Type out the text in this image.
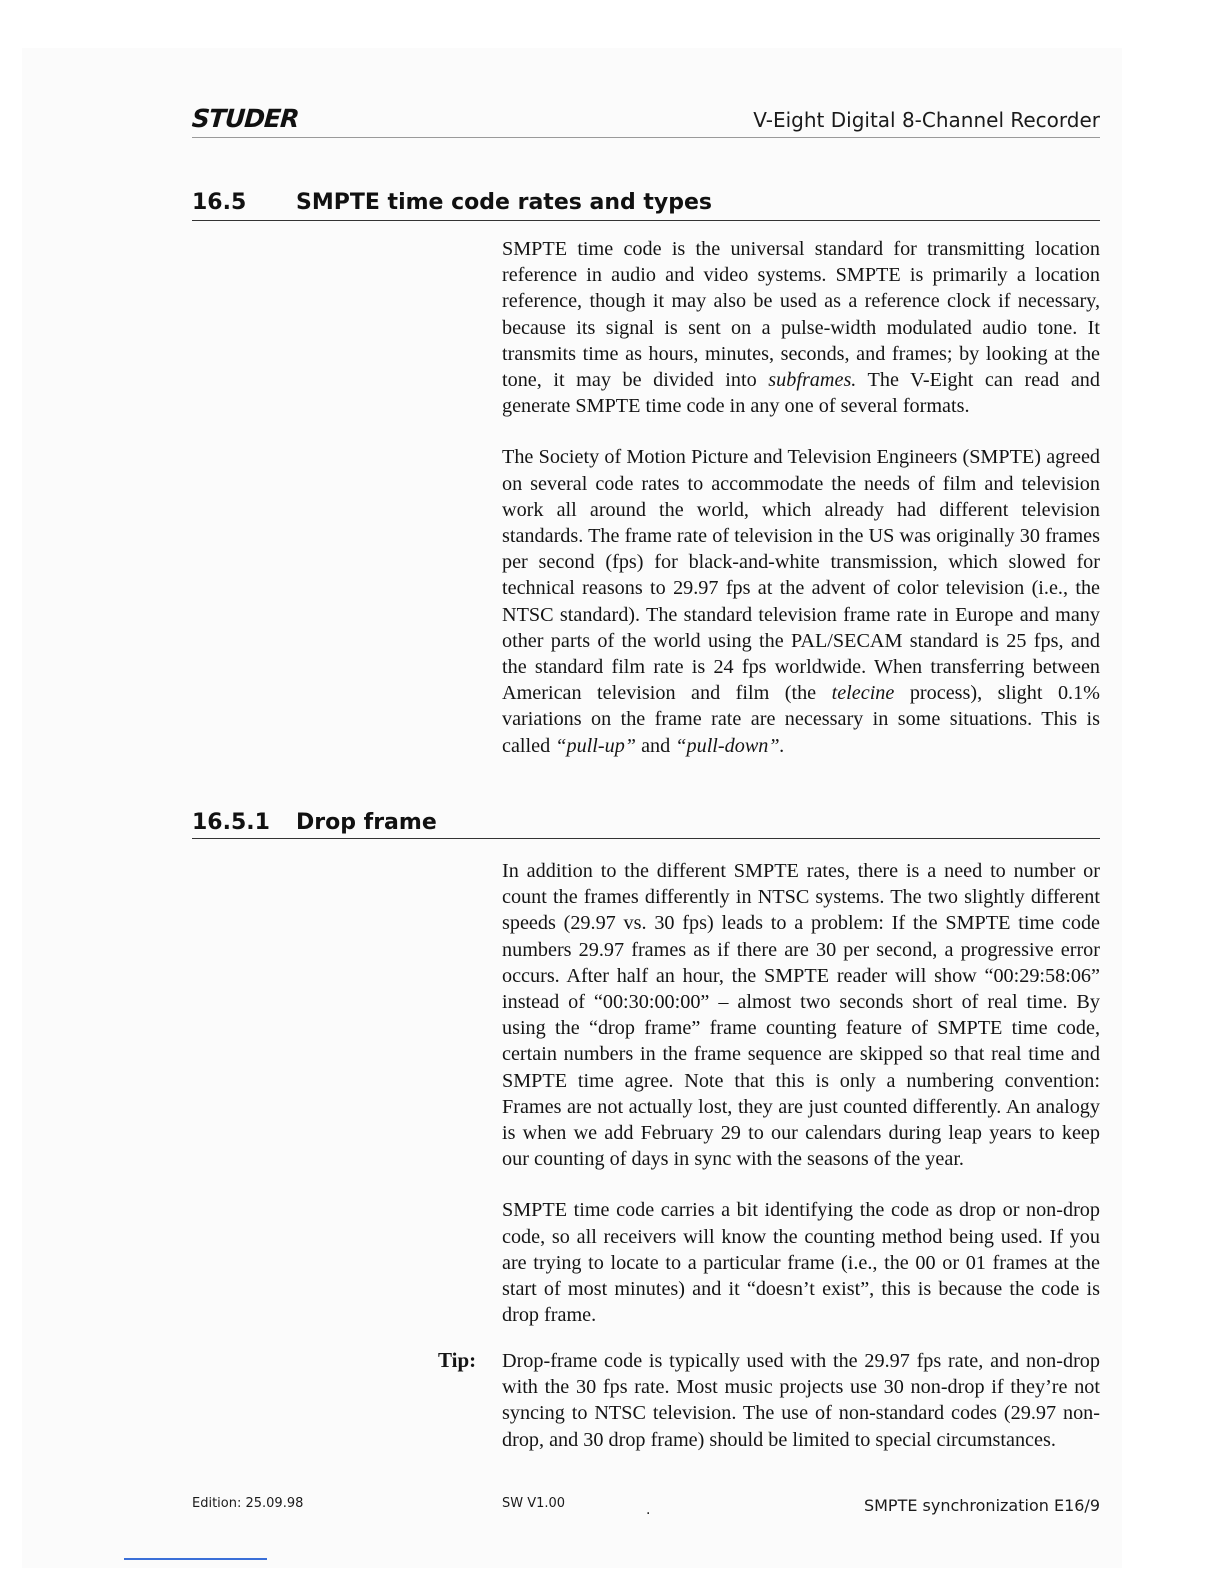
STUDER	V-Eight Digital 8-Channel Recorder
16.5 SMPTE time code rates and types

SMPTE time code is the universal standard for transmitting location reference in audio and video systems. SMPTE is primarily a location reference, though it may also be used as a reference clock if necessary, because its signal is sent on a pulse-width modulated audio tone. It transmits time as hours, minutes, seconds, and frames; by looking at the tone, it may be divided into subframes. The V-Eight can read and generate SMPTE time code in any one of several formats.

The Society of Motion Picture and Television Engineers (SMPTE) agreed on several code rates to accommodate the needs of film and television work all around the world, which already had different television standards. The frame rate of television in the US was originally 30 frames per second (fps) for black-and-white transmission, which slowed for technical reasons to 29.97 fps at the advent of color television (i.e., the NTSC standard). The standard television frame rate in Europe and many other parts of the world using the PAL/SECAM standard is 25 fps, and the standard film rate is 24 fps worldwide. When transferring between American television and film (the telecine process), slight 0.1% variations on the frame rate are necessary in some situations. This is called “pull-up” and “pull-down”.

16.5.1 Drop frame

In addition to the different SMPTE rates, there is a need to number or count the frames differently in NTSC systems. The two slightly different speeds (29.97 vs. 30 fps) leads to a problem: If the SMPTE time code numbers 29.97 frames as if there are 30 per second, a progressive error occurs. After half an hour, the SMPTE reader will show “00:29:58:06” instead of “00:30:00:00” – almost two seconds short of real time. By using the “drop frame” frame counting feature of SMPTE time code, certain numbers in the frame sequence are skipped so that real time and SMPTE time agree. Note that this is only a numbering convention: Frames are not actually lost, they are just counted differently. An analogy is when we add February 29 to our calendars during leap years to keep our counting of days in sync with the seasons of the year.

SMPTE time code carries a bit identifying the code as drop or non-drop code, so all receivers will know the counting method being used. If you are trying to locate to a particular frame (i.e., the 00 or 01 frames at the start of most minutes) and it “doesn’t exist”, this is because the code is drop frame.

Tip: Drop-frame code is typically used with the 29.97 fps rate, and non-drop with the 30 fps rate. Most music projects use 30 non-drop if they’re not syncing to NTSC television. The use of non-standard codes (29.97 non-drop, and 30 drop frame) should be limited to special circumstances.

Edition: 25.09.98	SW V1.00	.	SMPTE synchronization E16/9
